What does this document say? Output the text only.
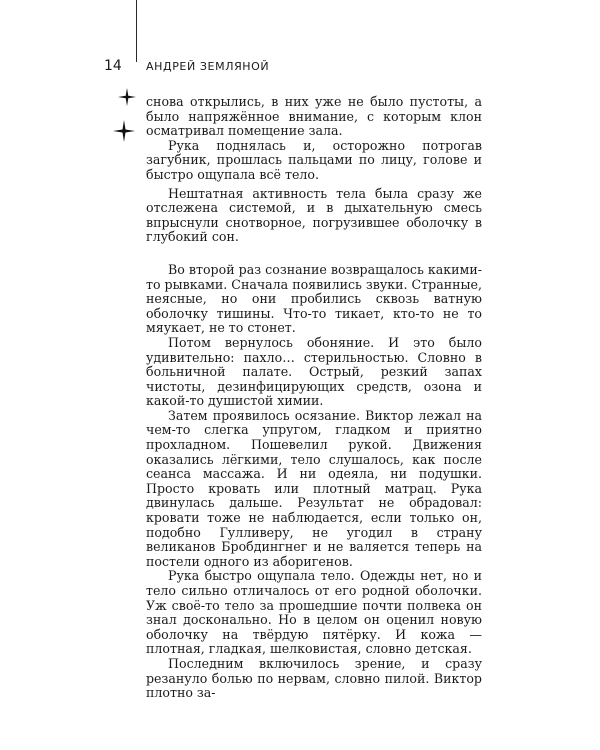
14 АНДРЕЙ ЗЕМЛЯНОЙ

снова открылись, в них уже не было пустоты, а было напряжённое внимание, с которым клон осматривал помещение зала.

Рука поднялась и, осторожно потрогав загубник, прошлась пальцами по лицу, голове и быстро ощупала всё тело.

Нештатная активность тела была сразу же отслежена системой, и в дыхательную смесь впрыснули снотворное, погрузившее оболочку в глубокий сон.

Во второй раз сознание возвращалось какими-то рывками. Сначала появились звуки. Странные, неясные, но они пробились сквозь ватную оболочку тишины. Что-то тикает, кто-то не то мяукает, не то стонет.

Потом вернулось обоняние. И это было удивительно: пахло… стерильностью. Словно в больничной палате. Острый, резкий запах чистоты, дезинфицирующих средств, озона и какой-то душистой химии.

Затем проявилось осязание. Виктор лежал на чем-то слегка упругом, гладком и приятно прохладном. Пошевелил рукой. Движения оказались лёгкими, тело слушалось, как после сеанса массажа. И ни одеяла, ни подушки. Просто кровать или плотный матрац. Рука двинулась дальше. Результат не обрадовал: кровати тоже не наблюдается, если только он, подобно Гулливеру, не угодил в страну великанов Бробдингнег и не валяется теперь на постели одного из аборигенов.

Рука быстро ощупала тело. Одежды нет, но и тело сильно отличалось от его родной оболочки. Уж своё-то тело за прошедшие почти полвека он знал досконально. Но в целом он оценил новую оболочку на твёрдую пятёрку. И кожа — плотная, гладкая, шелковистая, словно детская.

Последним включилось зрение, и сразу резануло болью по нервам, словно пилой. Виктор плотно за-
